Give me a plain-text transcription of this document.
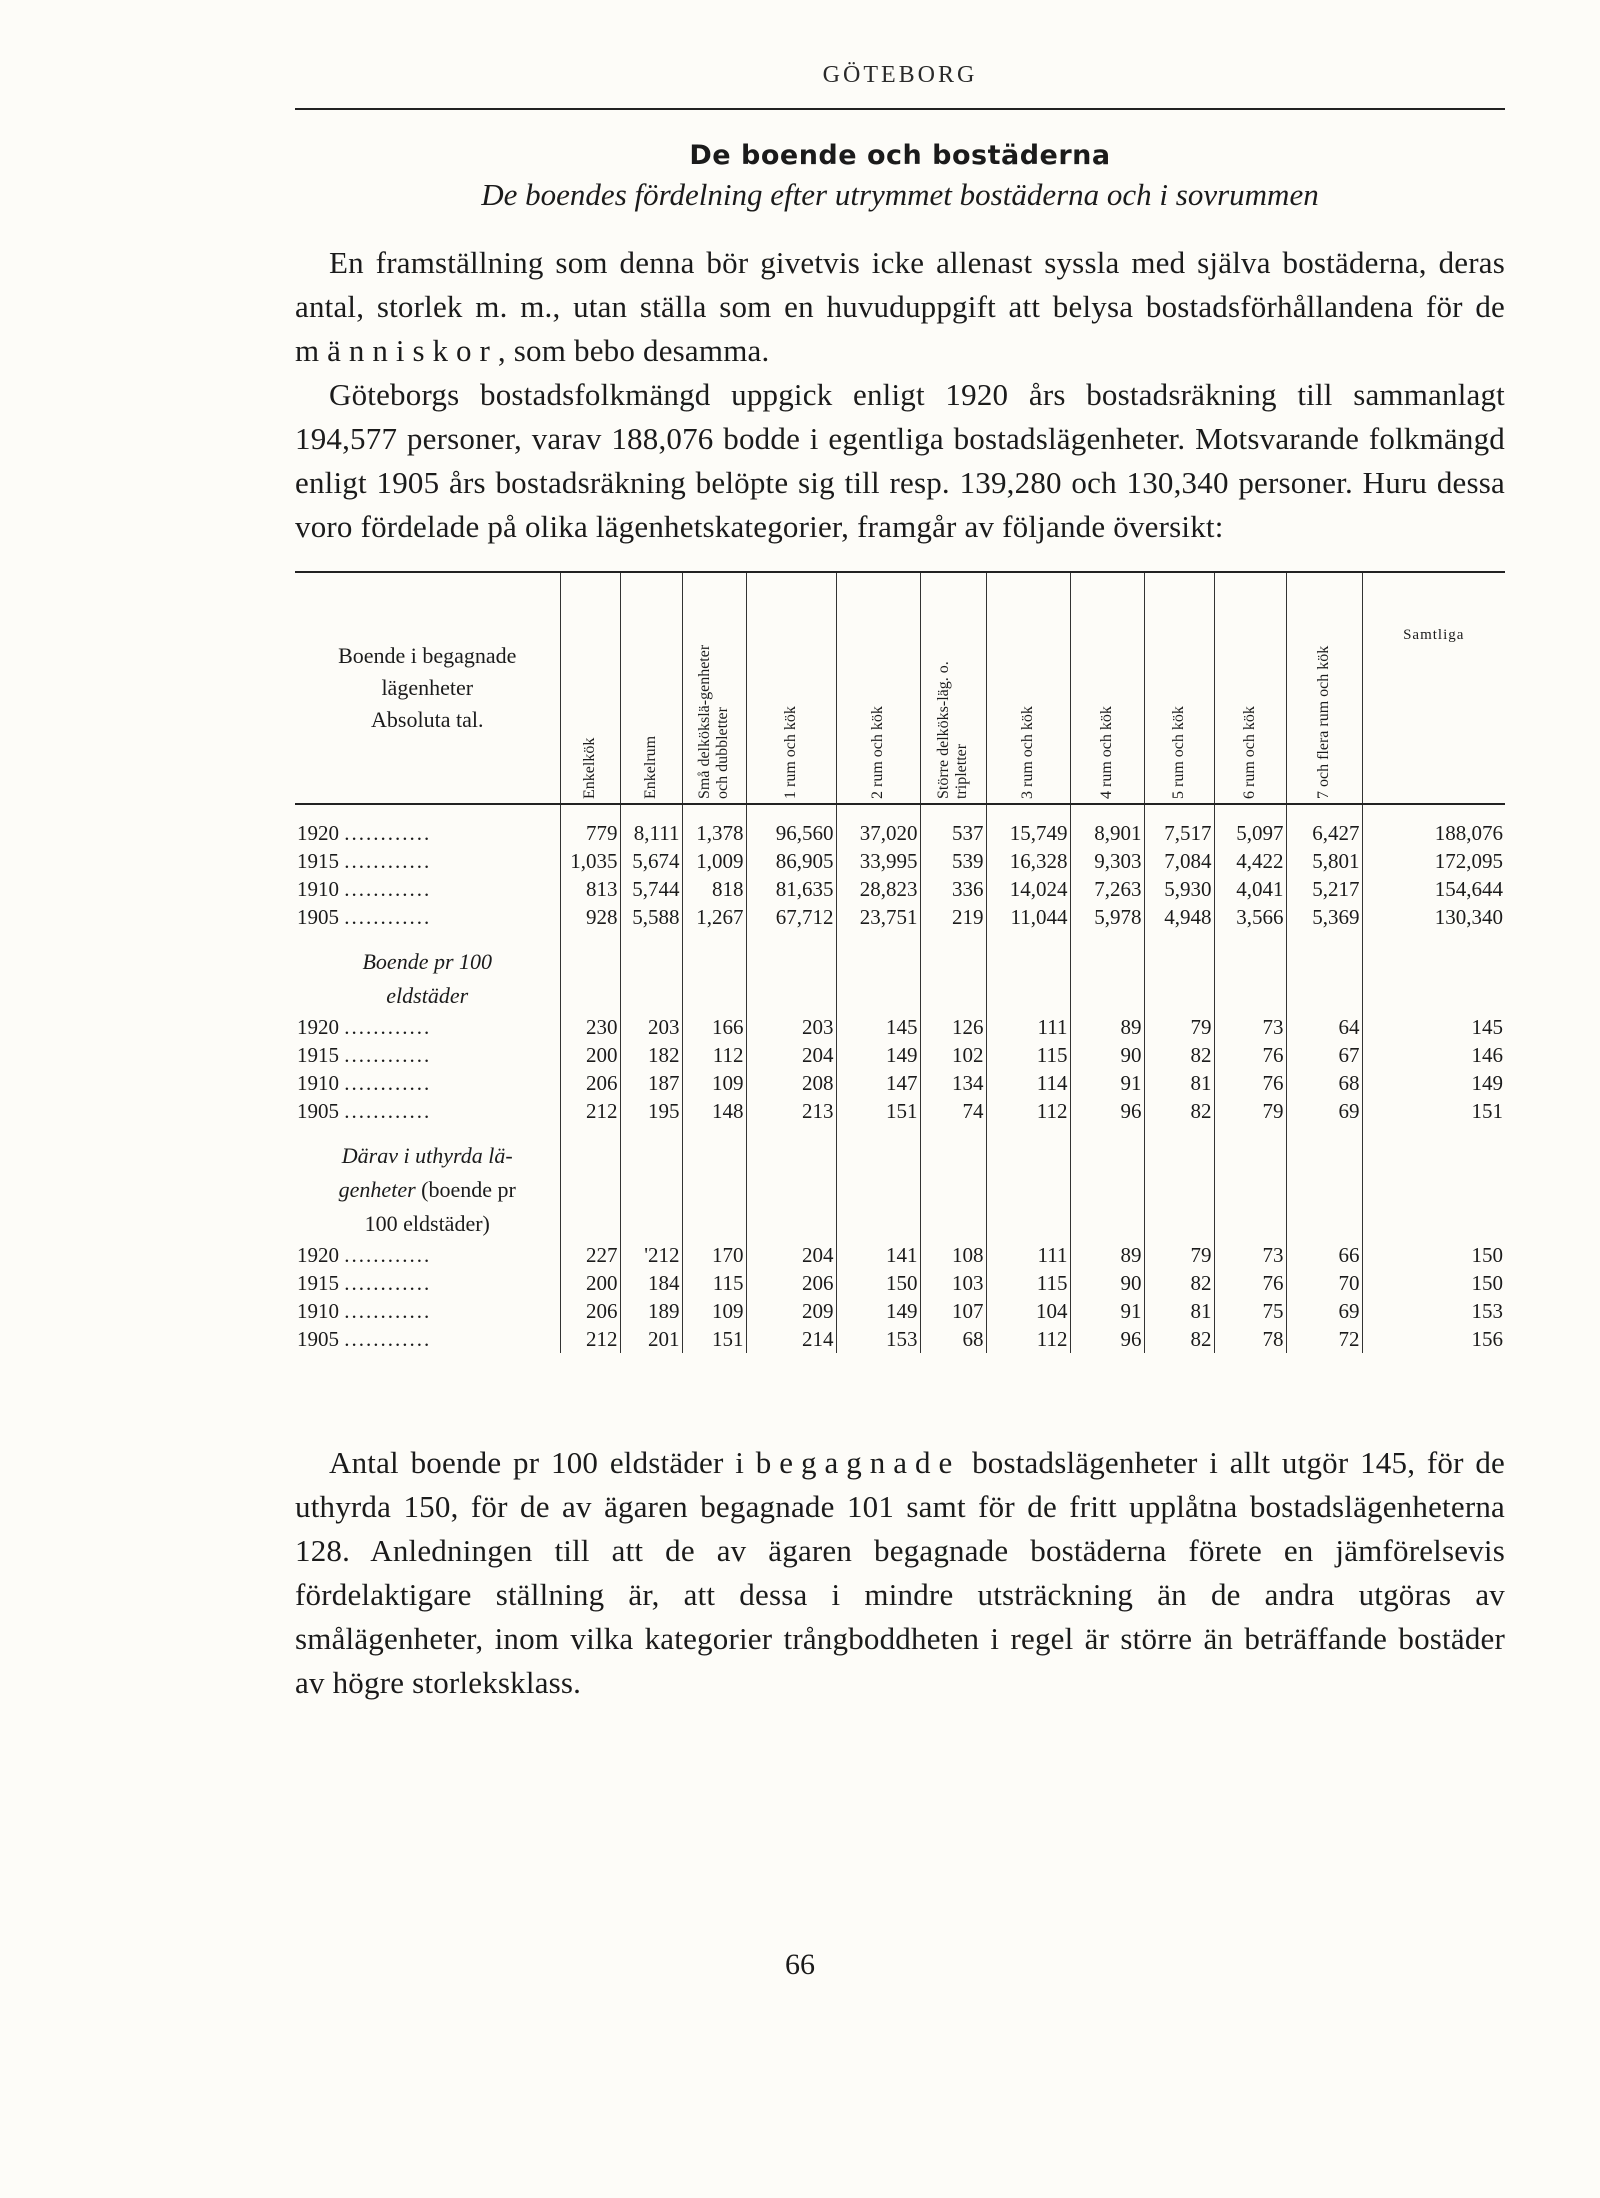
GÖTEBORG
De boende och bostäderna
De boendes fördelning efter utrymmet bostäderna och i sovrummen

En framställning som denna bör givetvis icke allenast syssla med själva bostäderna, deras antal, storlek m. m., utan ställa som en huvuduppgift att belysa bostadsförhållandena för de människor, som bebo desamma.

Göteborgs bostadsfolkmängd uppgick enligt 1920 års bostadsräkning till sammanlagt 194,577 personer, varav 188,076 bodde i egentliga bostadslägenheter. Motsvarande folkmängd enligt 1905 års bostadsräkning belöpte sig till resp. 139,280 och 130,340 personer. Huru dessa voro fördelade på olika lägenhetskategorier, framgår av följande översikt:

Boende i begagnade
lägenheter
Absoluta tal.	Enkelkök	Enkelrum	Små delkökslä-genheter och dubbletter	1 rum och kök	2 rum och kök	Större delköks-läg. o. tripletter	3 rum och kök	4 rum och kök	5 rum och kök	6 rum och kök	7 och flera rum och kök	Samtliga

1920 ............	779	8,111	1,378	96,560	37,020	537	15,749	8,901	7,517	5,097	6,427	188,076
1915 ............	1,035	5,674	1,009	86,905	33,995	539	16,328	9,303	7,084	4,422	5,801	172,095
1910 ............	813	5,744	818	81,635	28,823	336	14,024	7,263	5,930	4,041	5,217	154,644
1905 ............	928	5,588	1,267	67,712	23,751	219	11,044	5,978	4,948	3,566	5,369	130,340

Boende pr 100												
eldstäder												
1920 ............	230	203	166	203	145	126	111	89	79	73	64	145
1915 ............	200	182	112	204	149	102	115	90	82	76	67	146
1910 ............	206	187	109	208	147	134	114	91	81	76	68	149
1905 ............	212	195	148	213	151	74	112	96	82	79	69	151

Därav i uthyrda lä-												
genheter (boende pr												
100 eldstäder)												
1920 ............	227	'212	170	204	141	108	111	89	79	73	66	150
1915 ............	200	184	115	206	150	103	115	90	82	76	70	150
1910 ............	206	189	109	209	149	107	104	91	81	75	69	153
1905 ............	212	201	151	214	153	68	112	96	82	78	72	156

Antal boende pr 100 eldstäder i begagnade bostadslägenheter i allt utgör 145, för de uthyrda 150, för de av ägaren begagnade 101 samt för de fritt upplåtna bostadslägenheterna 128. Anledningen till att de av ägaren begagnade bostäderna förete en jämförelsevis fördelaktigare ställning är, att dessa i mindre utsträckning än de andra utgöras av smålägenheter, inom vilka kategorier trångboddheten i regel är större än beträffande bostäder av högre storleksklass.

66
